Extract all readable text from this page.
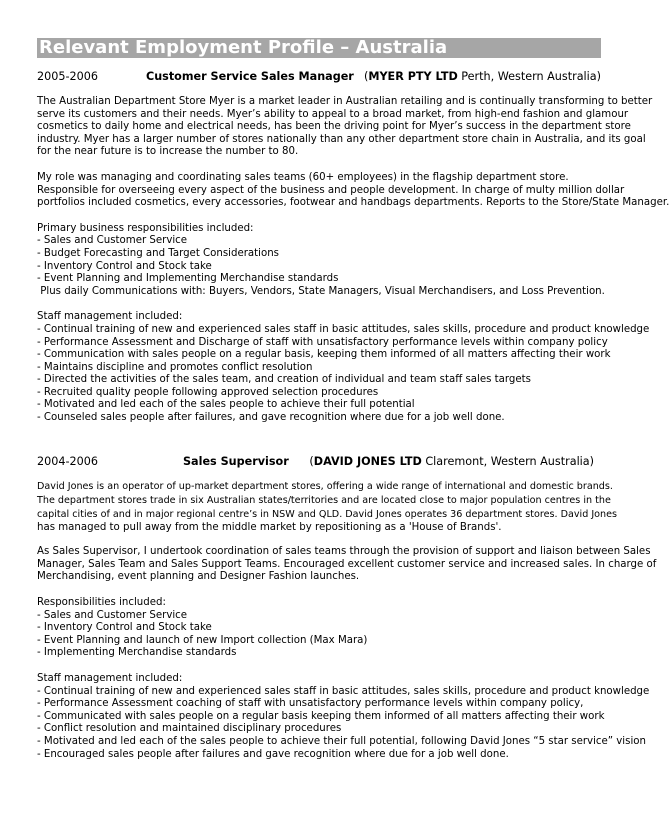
Relevant Employment Profile – Australia
2005-2006	Customer Service Sales Manager (MYER PTY LTD Perth, Western Australia)
The Australian Department Store Myer is a market leader in Australian retailing and is continually transforming to better
serve its customers and their needs. Myer’s ability to appeal to a broad market, from high-end fashion and glamour
cosmetics to daily home and electrical needs, has been the driving point for Myer’s success in the department store
industry. Myer has a larger number of stores nationally than any other department store chain in Australia, and its goal
for the near future is to increase the number to 80.
My role was managing and coordinating sales teams (60+ employees) in the flagship department store.
Responsible for overseeing every aspect of the business and people development. In charge of multy million dollar
portfolios included cosmetics, every accessories, footwear and handbags departments. Reports to the Store/State Manager.
Primary business responsibilities included:
- Sales and Customer Service
- Budget Forecasting and Target Considerations
- Inventory Control and Stock take
- Event Planning and Implementing Merchandise standards
Plus daily Communications with: Buyers, Vendors, State Managers, Visual Merchandisers, and Loss Prevention.
Staff management included:
- Continual training of new and experienced sales staff in basic attitudes, sales skills, procedure and product knowledge
- Performance Assessment and Discharge of staff with unsatisfactory performance levels within company policy
- Communication with sales people on a regular basis, keeping them informed of all matters affecting their work
- Maintains discipline and promotes conflict resolution
- Directed the activities of the sales team, and creation of individual and team staff sales targets
- Recruited quality people following approved selection procedures
- Motivated and led each of the sales people to achieve their full potential
- Counseled sales people after failures, and gave recognition where due for a job well done.
2004-2006	Sales Supervisor (DAVID JONES LTD Claremont, Western Australia)
David Jones is an operator of up-market department stores, offering a wide range of international and domestic brands.
The department stores trade in six Australian states/territories and are located close to major population centres in the
capital cities of and in major regional centre’s in NSW and QLD. David Jones operates 36 department stores. David Jones
has managed to pull away from the middle market by repositioning as a 'House of Brands'.
As Sales Supervisor, I undertook coordination of sales teams through the provision of support and liaison between Sales
Manager, Sales Team and Sales Support Teams. Encouraged excellent customer service and increased sales. In charge of
Merchandising, event planning and Designer Fashion launches.
Responsibilities included:
- Sales and Customer Service
- Inventory Control and Stock take
- Event Planning and launch of new Import collection (Max Mara)
- Implementing Merchandise standards
Staff management included:
- Continual training of new and experienced sales staff in basic attitudes, sales skills, procedure and product knowledge
- Performance Assessment coaching of staff with unsatisfactory performance levels within company policy,
- Communicated with sales people on a regular basis keeping them informed of all matters affecting their work
- Conflict resolution and maintained disciplinary procedures
- Motivated and led each of the sales people to achieve their full potential, following David Jones “5 star service” vision
- Encouraged sales people after failures and gave recognition where due for a job well done.
